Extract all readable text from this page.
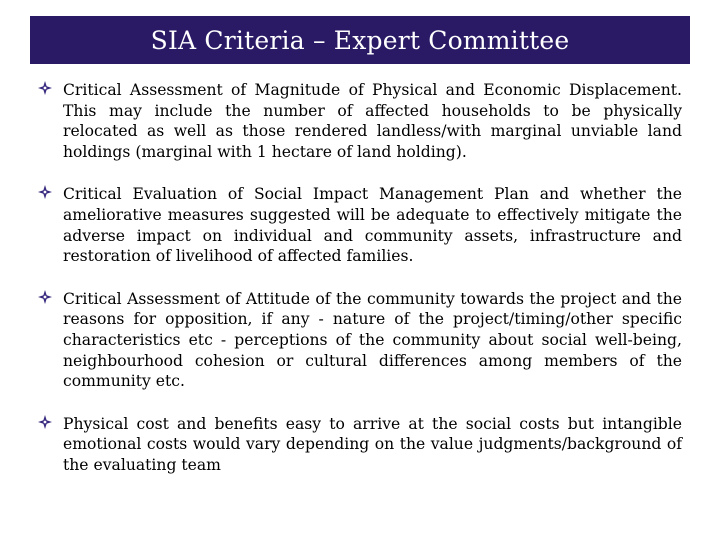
SIA Criteria – Expert Committee
Critical Assessment of Magnitude of Physical and Economic Displacement. This may include the number of affected households to be physically relocated as well as those rendered landless/with marginal unviable land holdings (marginal with 1 hectare of land holding).
Critical Evaluation of Social Impact Management Plan and whether the ameliorative measures suggested will be adequate to effectively mitigate the adverse impact on individual and community assets, infrastructure and restoration of livelihood of affected families.
Critical Assessment of Attitude of the community towards the project and the reasons for opposition, if any - nature of the project/timing/other specific characteristics etc - perceptions of the community about social well-being, neighbourhood cohesion or cultural differences among members of the community etc.
Physical cost and benefits easy to arrive at the social costs but intangible emotional costs would vary depending on the value judgments/background of the evaluating team
